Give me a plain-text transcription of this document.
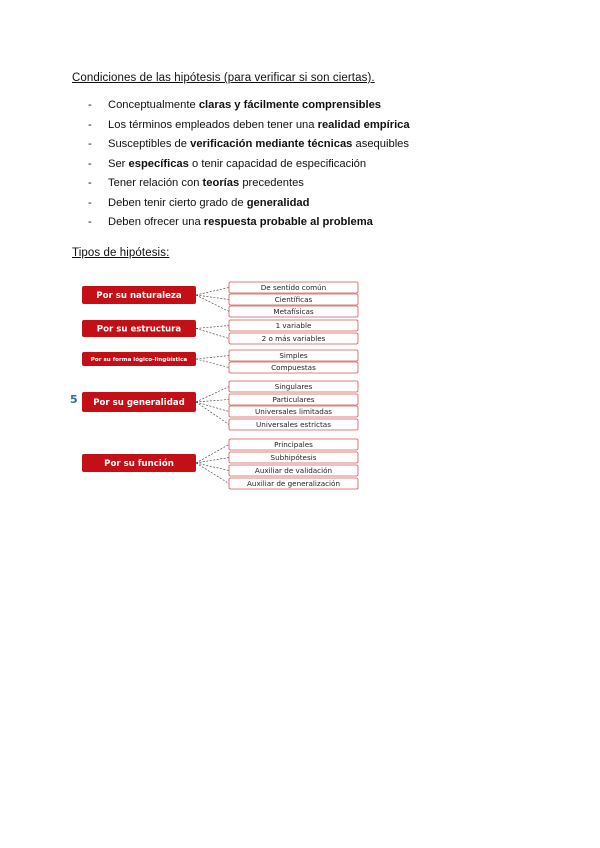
Condiciones de las hipótesis (para verificar si son ciertas).
- Conceptualmente claras y fácilmente comprensibles
- Los términos empleados deben tener una realidad empírica
- Susceptibles de verificación mediante técnicas asequibles
- Ser específicas o tenir capacidad de especificación
- Tener relación con teorías precedentes
- Deben tenir cierto grado de generalidad
- Deben ofrecer una respuesta probable al problema
Tipos de hipótesis:
5
Por su naturaleza
De sentido común
Científicas
Metafísicas
Por su estructura	1 variable
2 o más variables
Por su forma lógico-lingüística	Simples
Compuestas
Por su generalidad
Singulares
Particulares
Universales limitadas
Universales estrictas
Por su función
Principales
Subhipótesis
Auxiliar de validación
Auxiliar de generalización
